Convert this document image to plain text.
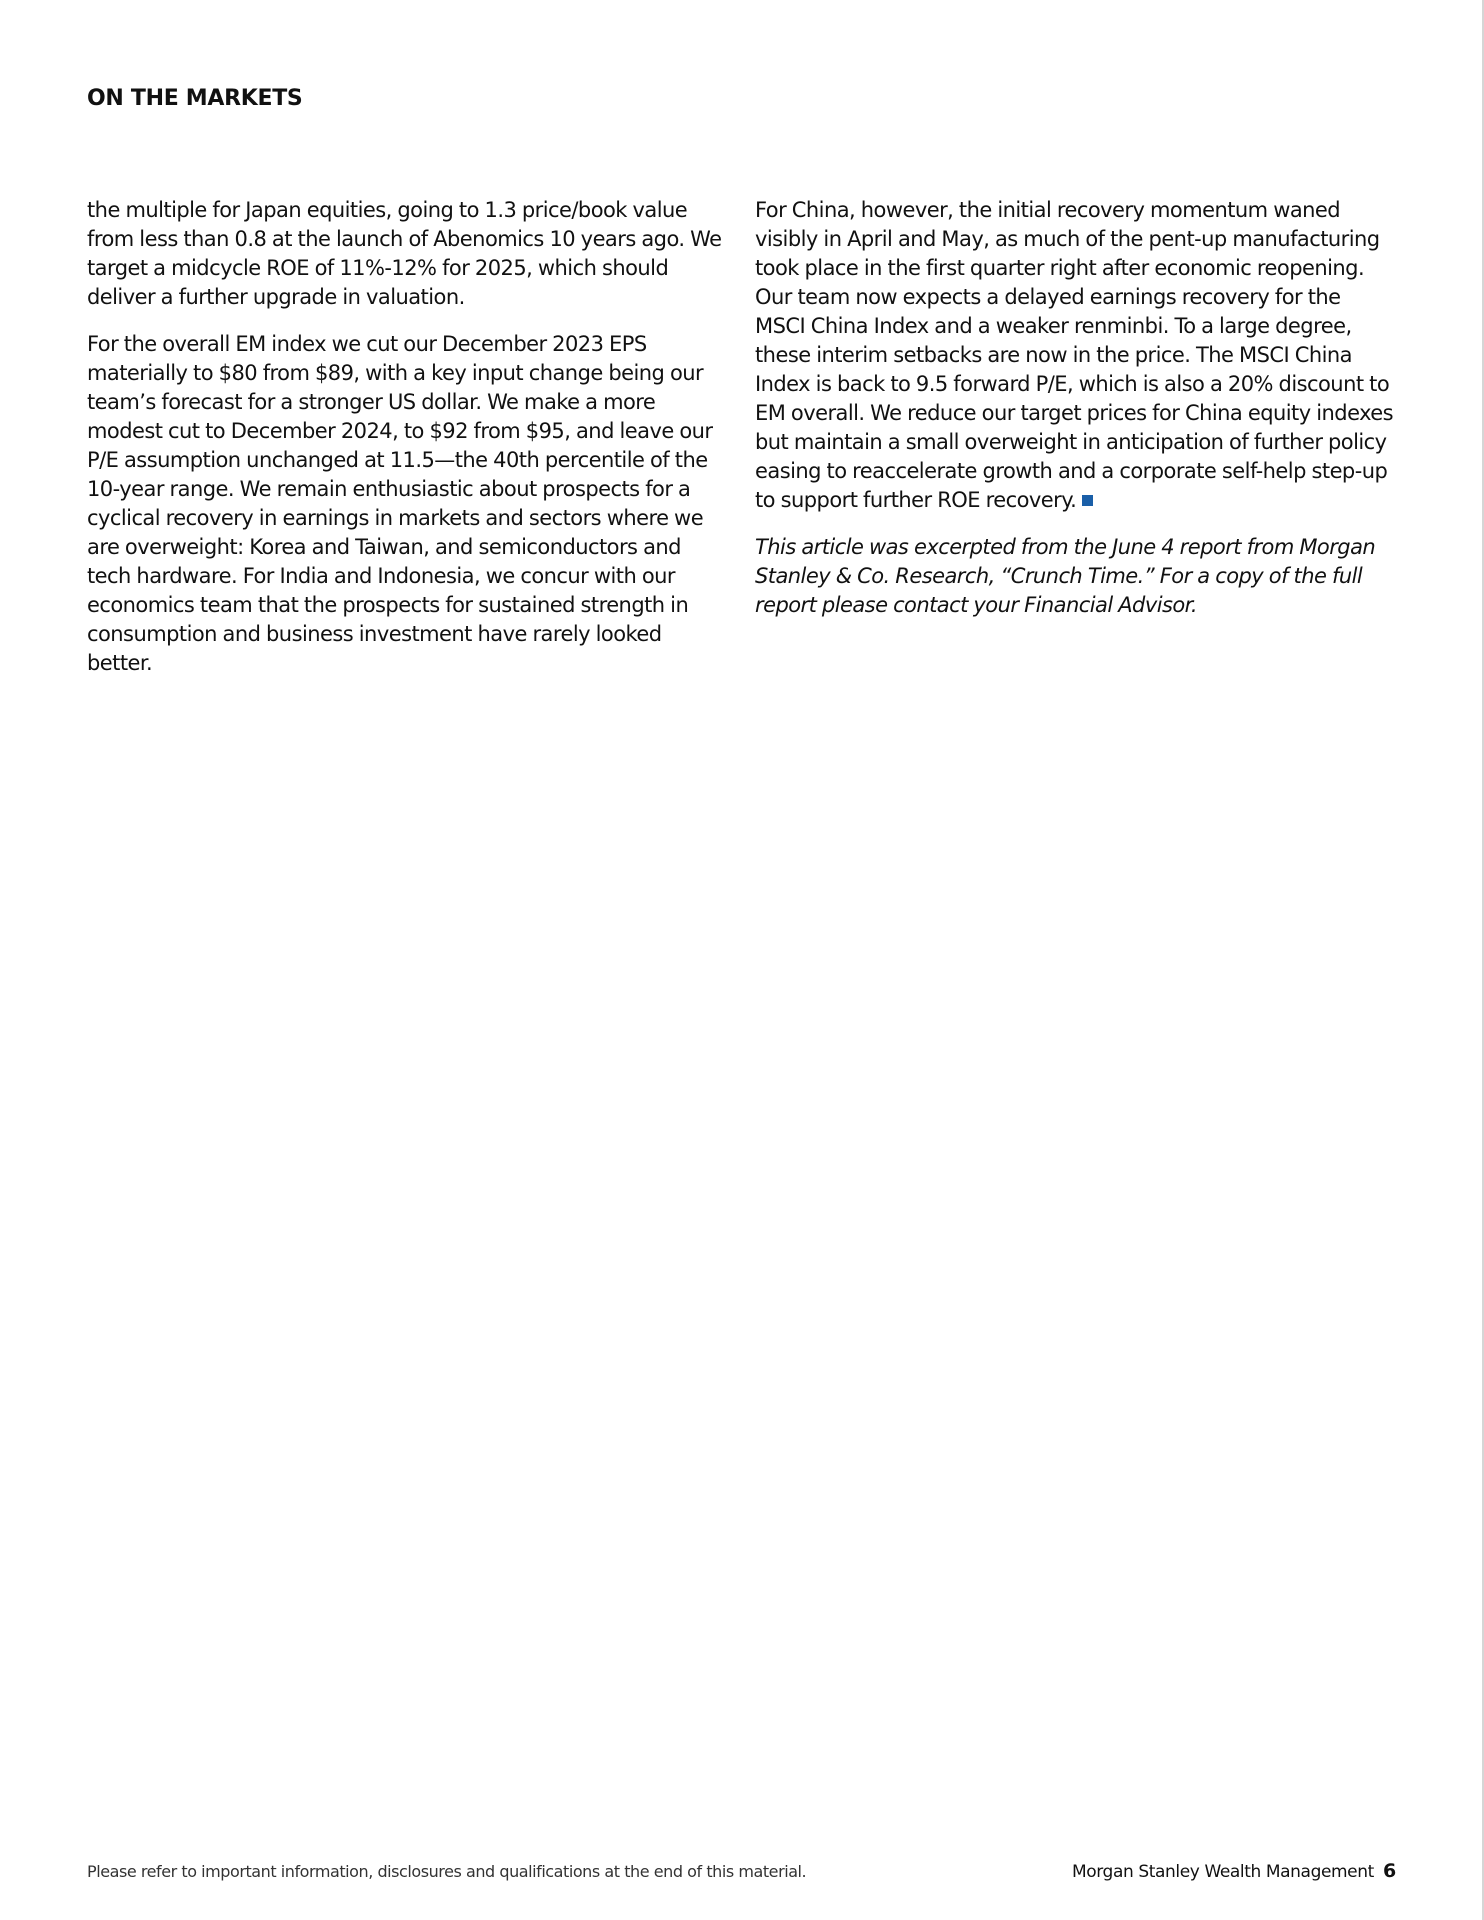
ON THE MARKETS

the multiple for Japan equities, going to 1.3 price/book value from less than 0.8 at the launch of Abenomics 10 years ago. We target a midcycle ROE of 11%-12% for 2025, which should deliver a further upgrade in valuation.

For the overall EM index we cut our December 2023 EPS materially to $80 from $89, with a key input change being our team’s forecast for a stronger US dollar. We make a more modest cut to December 2024, to $92 from $95, and leave our P/E assumption unchanged at 11.5—the 40th percentile of the 10-year range. We remain enthusiastic about prospects for a cyclical recovery in earnings in markets and sectors where we are overweight: Korea and Taiwan, and semiconductors and tech hardware. For India and Indonesia, we concur with our economics team that the prospects for sustained strength in consumption and business investment have rarely looked better.

For China, however, the initial recovery momentum waned visibly in April and May, as much of the pent-up manufacturing took place in the first quarter right after economic reopening. Our team now expects a delayed earnings recovery for the MSCI China Index and a weaker renminbi. To a large degree, these interim setbacks are now in the price. The MSCI China Index is back to 9.5 forward P/E, which is also a 20% discount to EM overall. We reduce our target prices for China equity indexes but maintain a small overweight in anticipation of further policy easing to reaccelerate growth and a corporate self-help step-up to support further ROE recovery.

This article was excerpted from the June 4 report from Morgan Stanley & Co. Research, “Crunch Time.” For a copy of the full report please contact your Financial Advisor.

Please refer to important information, disclosures and qualifications at the end of this material.	Morgan Stanley Wealth Management 6
